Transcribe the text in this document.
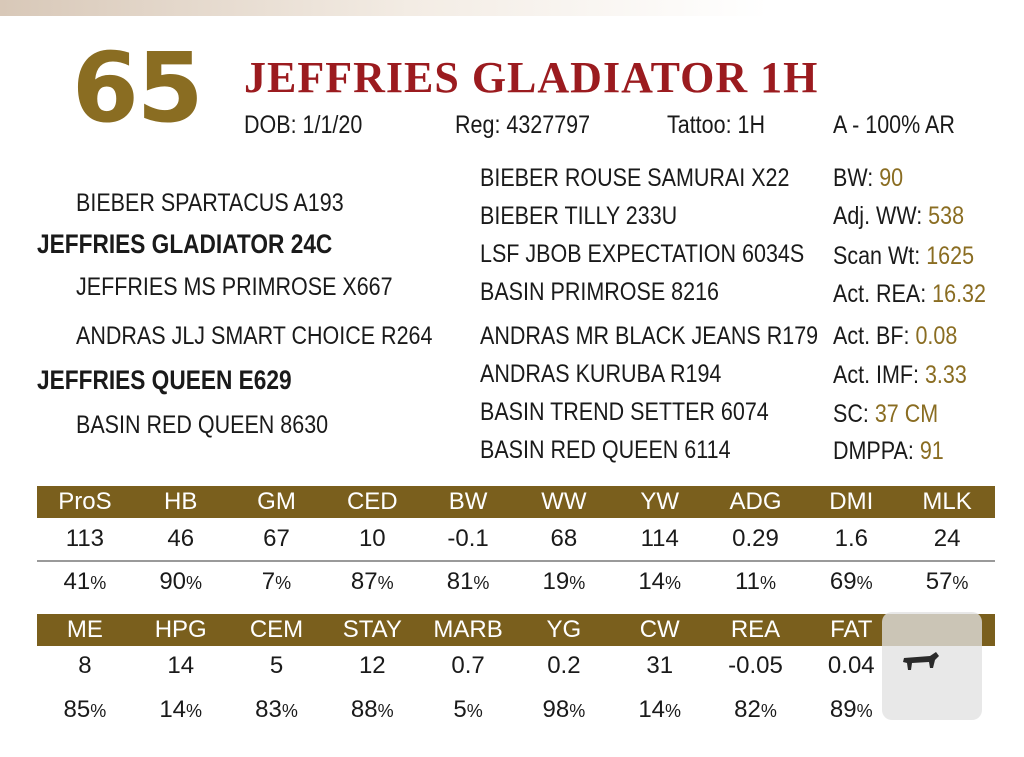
65 JEFFRIES GLADIATOR 1H
DOB: 1/1/20	Reg: 4327797	Tattoo: 1H	A - 100% AR
BIEBER SPARTACUS A193
JEFFRIES GLADIATOR 24C
JEFFRIES MS PRIMROSE X667
ANDRAS JLJ SMART CHOICE R264
JEFFRIES QUEEN E629
BASIN RED QUEEN 8630
BIEBER ROUSE SAMURAI X22
BIEBER TILLY 233U
LSF JBOB EXPECTATION 6034S
BASIN PRIMROSE 8216
ANDRAS MR BLACK JEANS R179
ANDRAS KURUBA R194
BASIN TREND SETTER 6074
BASIN RED QUEEN 6114
BW: 90
Adj. WW: 538
Scan Wt: 1625
Act. REA: 16.32
Act. BF: 0.08
Act. IMF: 3.33
SC: 37 CM
DMPPA: 91
ProS	HB	GM	CED	BW	WW	YW	ADG	DMI	MLK
113	46	67	10	-0.1	68	114	0.29	1.6	24
41%	90%	7%	87%	81%	19%	14%	11%	69%	57%
ME	HPG	CEM	STAY	MARB	YG	CW	REA	FAT
8	14	5	12	0.7	0.2	31	-0.05	0.04
85%	14%	83%	88%	5%	98%	14%	82%	89%
